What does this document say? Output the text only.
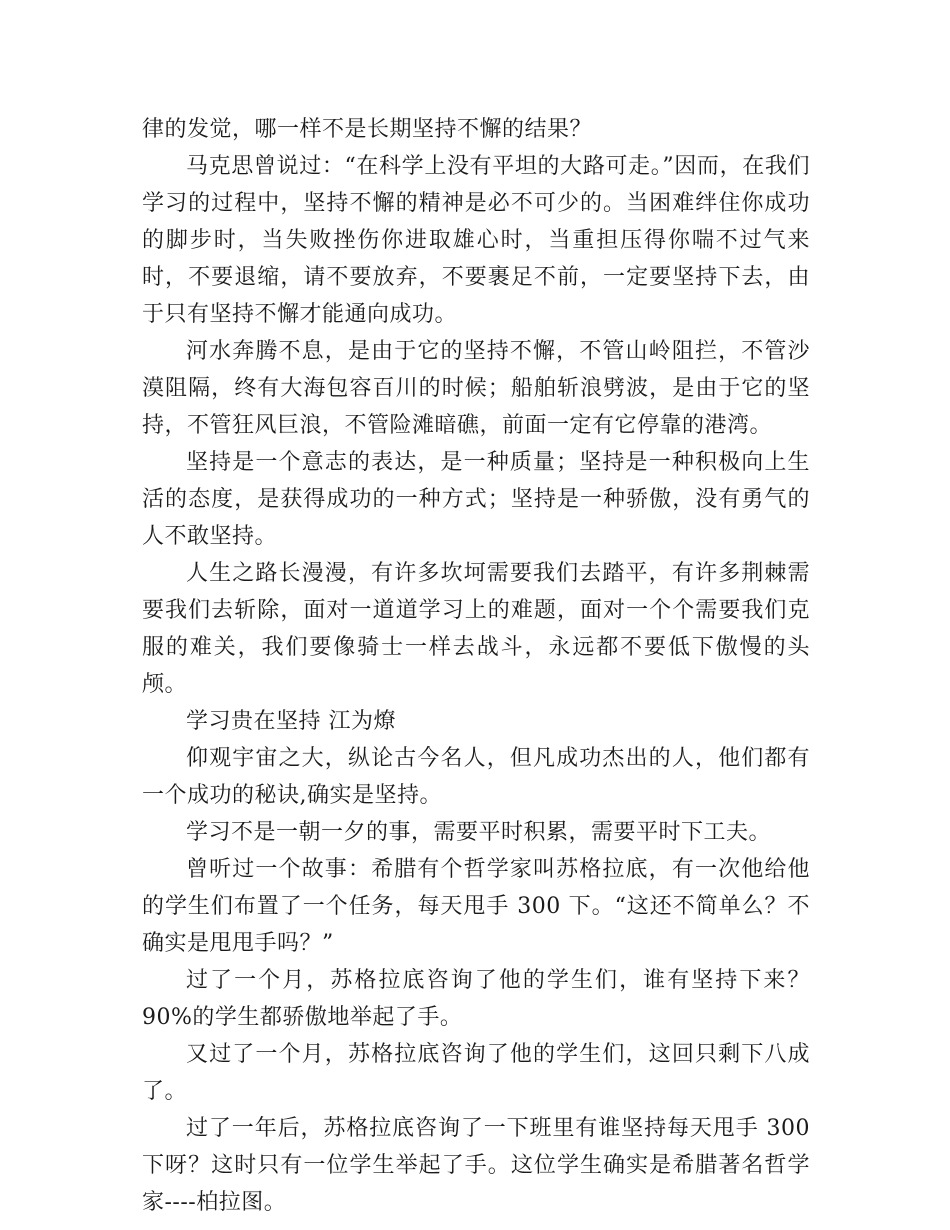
律的发觉，哪一样不是长期坚持不懈的结果？

马克思曾说过：“在科学上没有平坦的大路可走。”因而，在我们学习的过程中，坚持不懈的精神是必不可少的。当困难绊住你成功的脚步时，当失败挫伤你进取雄心时，当重担压得你喘不过气来时，不要退缩，请不要放弃，不要裹足不前，一定要坚持下去，由于只有坚持不懈才能通向成功。

河水奔腾不息，是由于它的坚持不懈，不管山岭阻拦，不管沙漠阻隔，终有大海包容百川的时候；船舶斩浪劈波，是由于它的坚持，不管狂风巨浪，不管险滩暗礁，前面一定有它停靠的港湾。

坚持是一个意志的表达，是一种质量；坚持是一种积极向上生活的态度，是获得成功的一种方式；坚持是一种骄傲，没有勇气的人不敢坚持。

人生之路长漫漫，有许多坎坷需要我们去踏平，有许多荆棘需要我们去斩除，面对一道道学习上的难题，面对一个个需要我们克服的难关，我们要像骑士一样去战斗，永远都不要低下傲慢的头颅。

学习贵在坚持 江为燎

仰观宇宙之大，纵论古今名人，但凡成功杰出的人，他们都有一个成功的秘诀,确实是坚持。

学习不是一朝一夕的事，需要平时积累，需要平时下工夫。

曾听过一个故事：希腊有个哲学家叫苏格拉底，有一次他给他的学生们布置了一个任务，每天甩手 300 下。“这还不简单么？不确实是甩甩手吗？”

过了一个月，苏格拉底咨询了他的学生们，谁有坚持下来？90%的学生都骄傲地举起了手。

又过了一个月，苏格拉底咨询了他的学生们，这回只剩下八成了。

过了一年后，苏格拉底咨询了一下班里有谁坚持每天甩手 300 下呀？这时只有一位学生举起了手。这位学生确实是希腊著名哲学家----柏拉图。
